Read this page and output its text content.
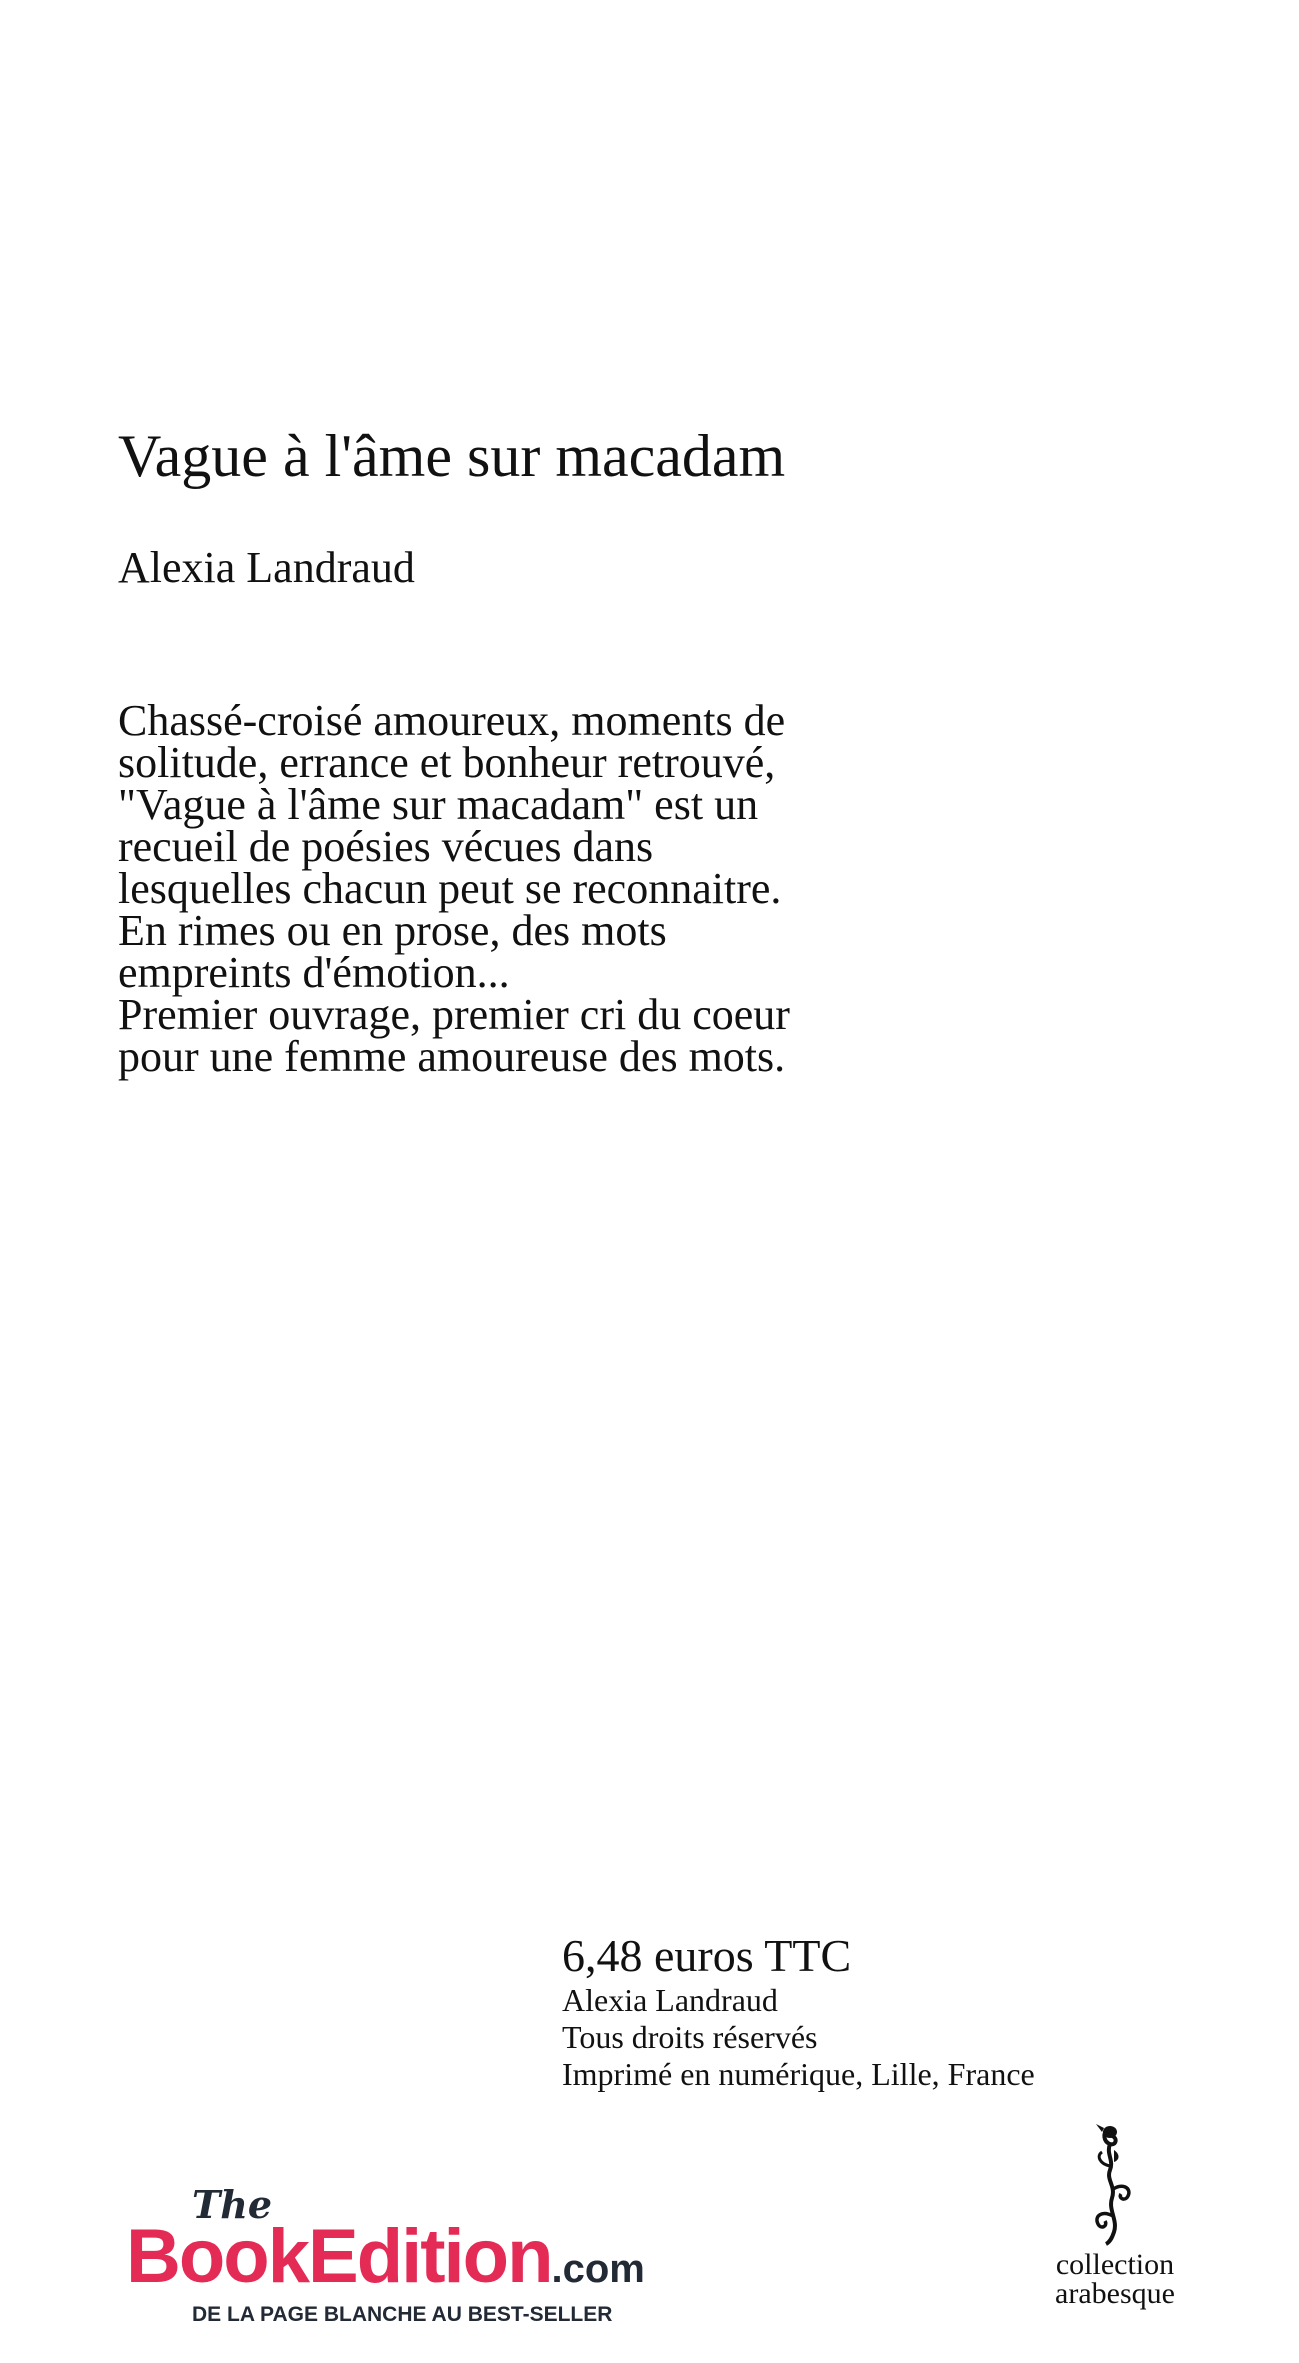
Vague à l'âme sur macadam
Alexia Landraud
Chassé-croisé amoureux, moments de
solitude, errance et bonheur retrouvé,
"Vague à l'âme sur macadam" est un
recueil de poésies vécues dans
lesquelles chacun peut se reconnaitre.
En rimes ou en prose, des mots
empreints d'émotion...
Premier ouvrage, premier cri du coeur
pour une femme amoureuse des mots.
6,48 euros TTC
Alexia Landraud
Tous droits réservés
Imprimé en numérique, Lille, France
The
BookEdition.com
DE LA PAGE BLANCHE AU BEST-SELLER
collection
arabesque
